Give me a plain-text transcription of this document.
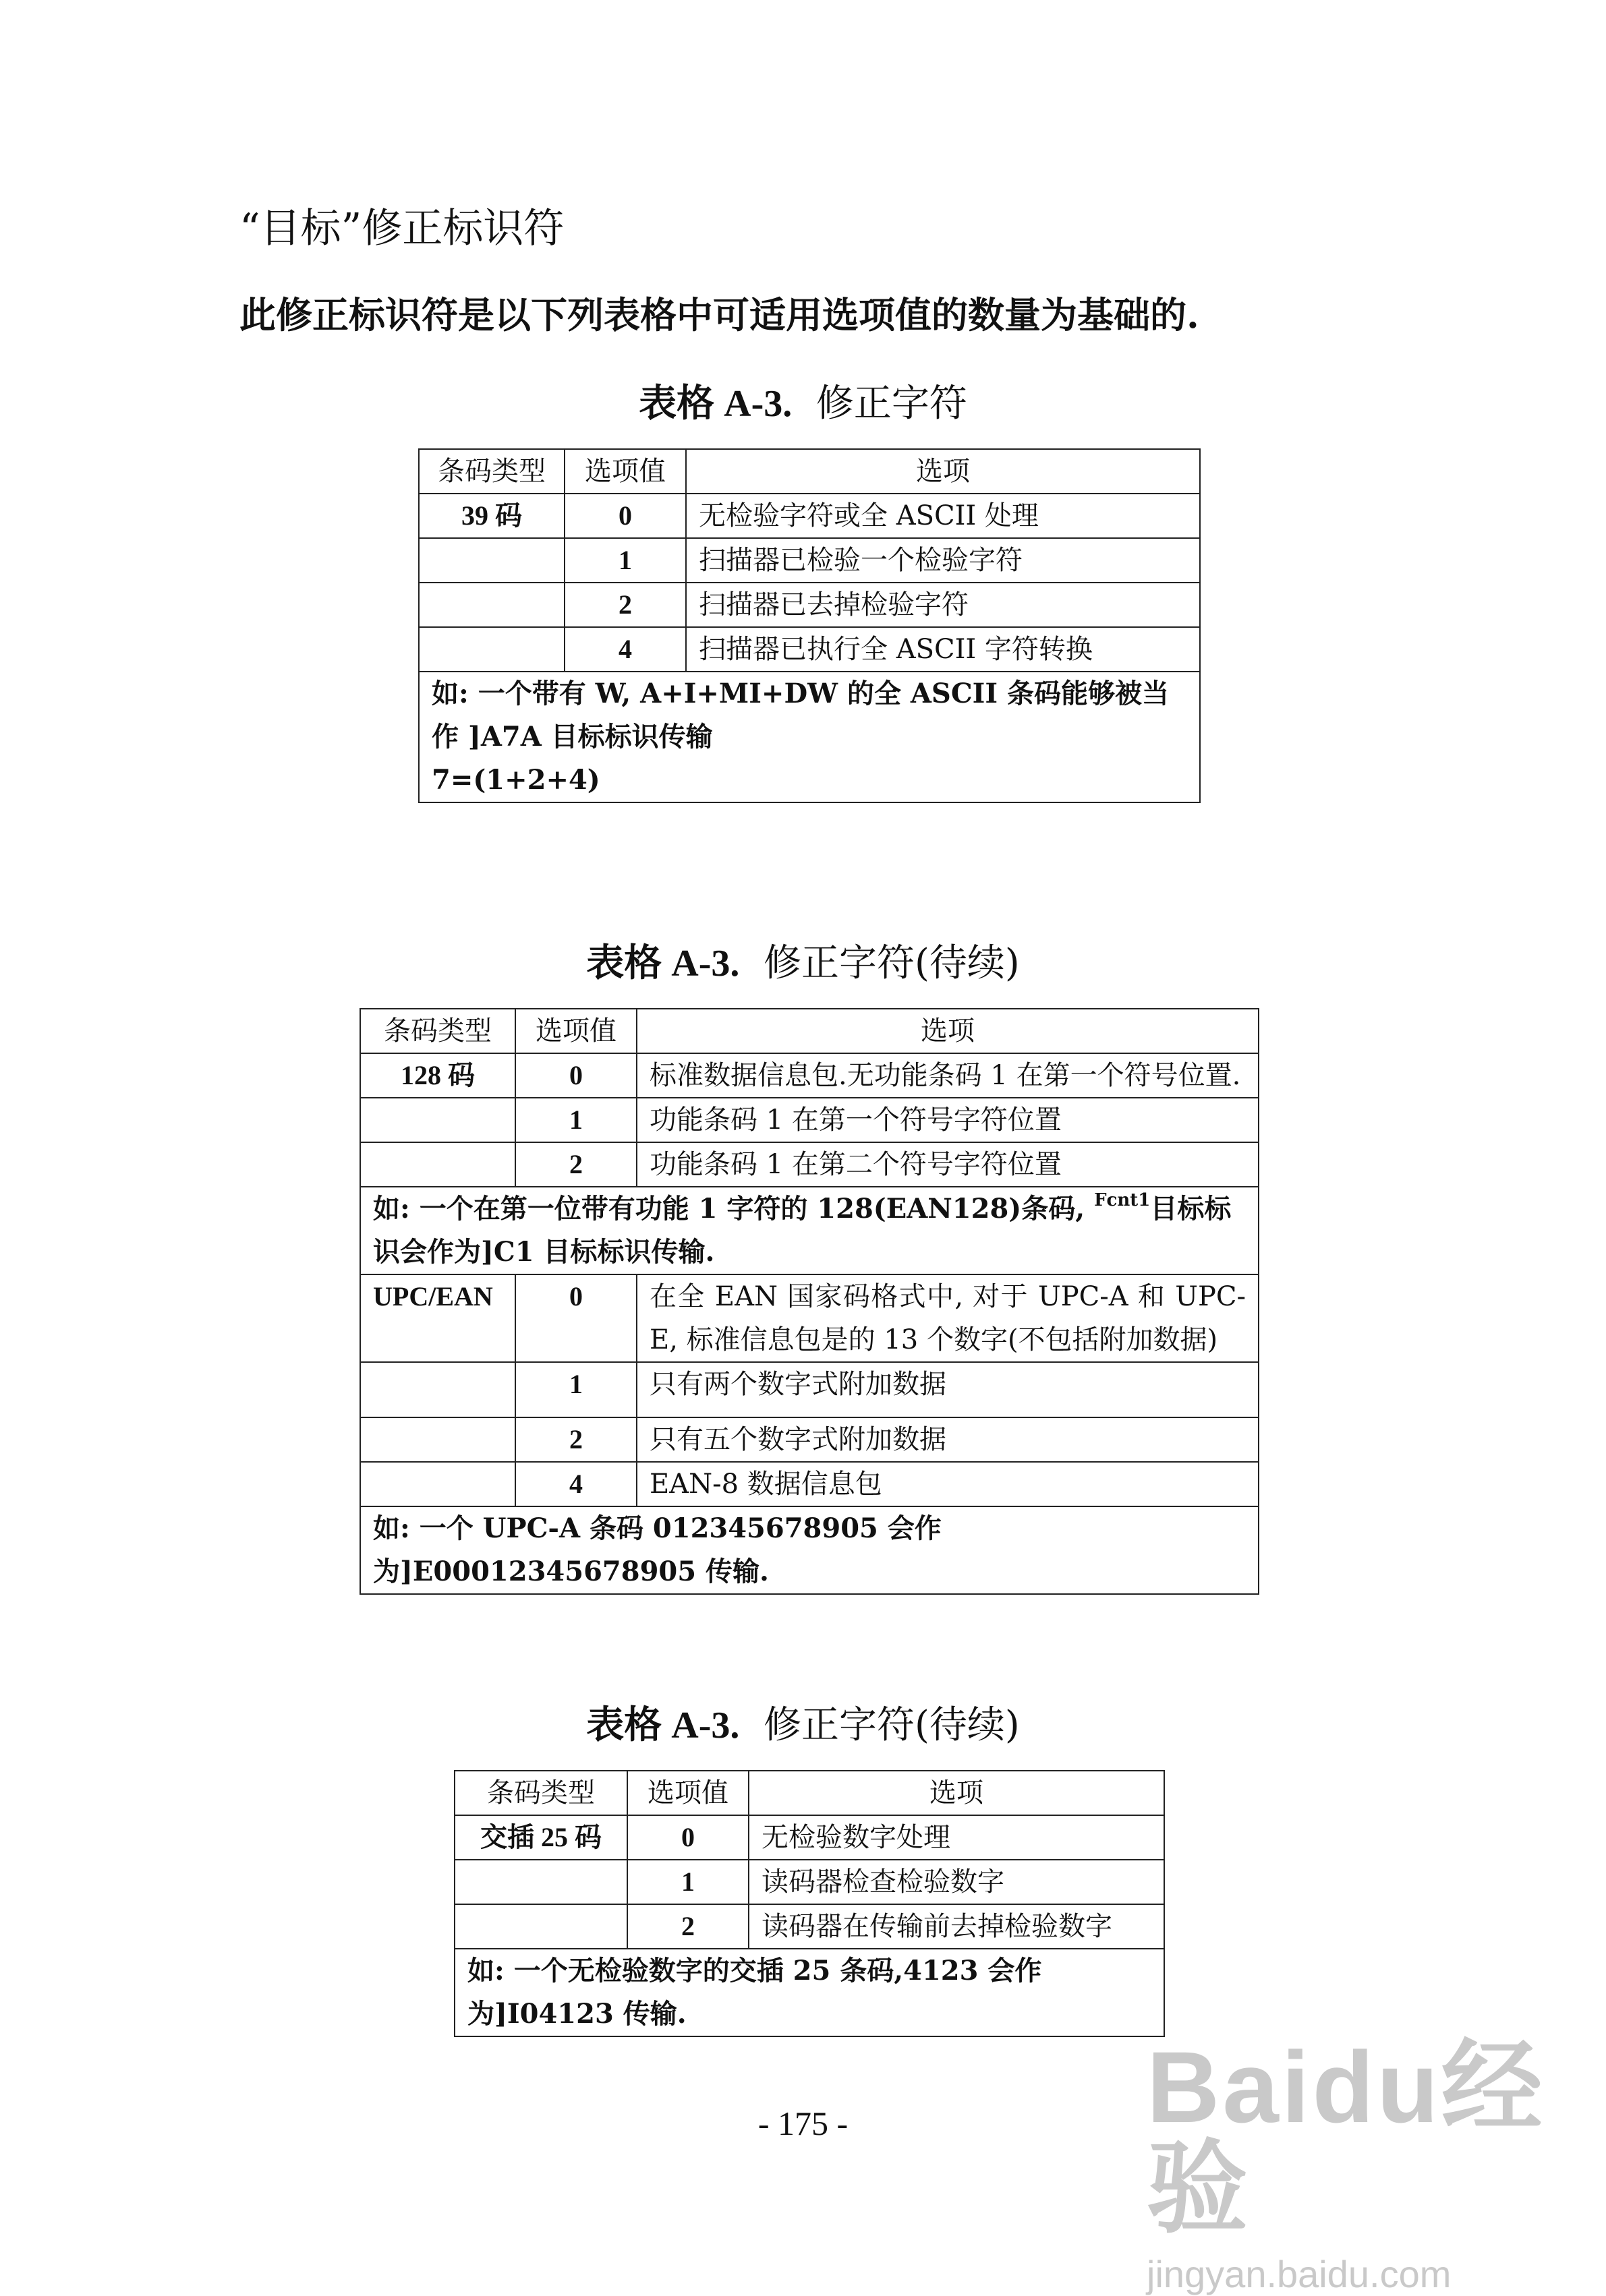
“目标”修正标识符
此修正标识符是以下列表格中可适用选项值的数量为基础的.
表格 A-3. 修正字符
条码类型	选项值	选项
39 码	0	无检验字符或全 ASCII 处理
	1	扫描器已检验一个检验字符
	2	扫描器已去掉检验字符
	4	扫描器已执行全 ASCII 字符转换

如: 一个带有 W, A+I+MI+DW 的全 ASCII 条码能够被当作 ]A7A 目标标识传输
7=(1+2+4)		
表格 A-3. 修正字符(待续)
条码类型	选项值	选项
128 码	0	标准数据信息包.无功能条码 1 在第一个符号位置.
	1	功能条码 1 在第一个符号字符位置
	2	功能条码 1 在第二个符号字符位置
如: 一个在第一位带有功能 1 字符的 128(EAN128)条码, $^{Fcnt1}$目标标识会作为]C1 目标标识传输.		
UPC/EAN	0	在全 EAN 国家码格式中, 对于 UPC-A 和 UPC-E, 标准信息包是的 13 个数字(不包括附加数据)
	1	只有两个数字式附加数据
	2	只有五个数字式附加数据
	4	EAN-8 数据信息包
如: 一个 UPC-A 条码 012345678905 会作为]E00012345678905 传输.		
表格 A-3. 修正字符(待续)
条码类型	选项值	选项
交插 25 码	0	无检验数字处理
	1	读码器检查检验数字
	2	读码器在传输前去掉检验数字
如: 一个无检验数字的交插 25 条码,4123 会作为]I04123 传输.		
- 175 -	Baidu经验
jingyan.baidu.com
